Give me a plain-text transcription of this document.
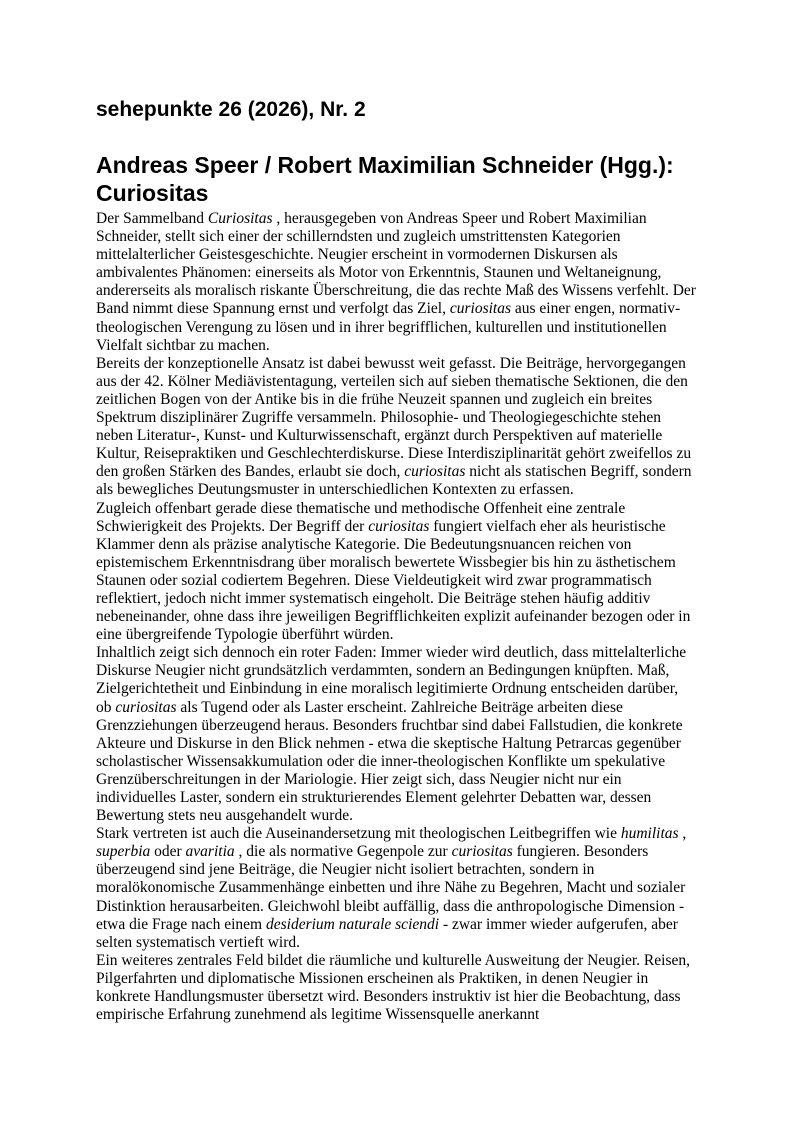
sehepunkte 26 (2026), Nr. 2
Andreas Speer / Robert Maximilian Schneider (Hgg.):
Curiositas

Der Sammelband Curiositas , herausgegeben von Andreas Speer und Robert Maximilian Schneider, stellt sich einer der schillerndsten und zugleich umstrittensten Kategorien mittelalterlicher Geistesgeschichte. Neugier erscheint in vormodernen Diskursen als ambivalentes Phänomen: einerseits als Motor von Erkenntnis, Staunen und Weltaneignung, andererseits als moralisch riskante Überschreitung, die das rechte Maß des Wissens verfehlt. Der Band nimmt diese Spannung ernst und verfolgt das Ziel, curiositas aus einer engen, normativ-theologischen Verengung zu lösen und in ihrer begrifflichen, kulturellen und institutionellen Vielfalt sichtbar zu machen.

Bereits der konzeptionelle Ansatz ist dabei bewusst weit gefasst. Die Beiträge, hervorgegangen aus der 42. Kölner Mediävistentagung, verteilen sich auf sieben thematische Sektionen, die den zeitlichen Bogen von der Antike bis in die frühe Neuzeit spannen und zugleich ein breites Spektrum disziplinärer Zugriffe versammeln. Philosophie- und Theologiegeschichte stehen neben Literatur-, Kunst- und Kulturwissenschaft, ergänzt durch Perspektiven auf materielle Kultur, Reisepraktiken und Geschlechterdiskurse. Diese Interdisziplinarität gehört zweifellos zu den großen Stärken des Bandes, erlaubt sie doch, curiositas nicht als statischen Begriff, sondern als bewegliches Deutungsmuster in unterschiedlichen Kontexten zu erfassen.

Zugleich offenbart gerade diese thematische und methodische Offenheit eine zentrale Schwierigkeit des Projekts. Der Begriff der curiositas fungiert vielfach eher als heuristische Klammer denn als präzise analytische Kategorie. Die Bedeutungsnuancen reichen von epistemischem Erkenntnisdrang über moralisch bewertete Wissbegier bis hin zu ästhetischem Staunen oder sozial codiertem Begehren. Diese Vieldeutigkeit wird zwar programmatisch reflektiert, jedoch nicht immer systematisch eingeholt. Die Beiträge stehen häufig additiv nebeneinander, ohne dass ihre jeweiligen Begrifflichkeiten explizit aufeinander bezogen oder in eine übergreifende Typologie überführt würden.

Inhaltlich zeigt sich dennoch ein roter Faden: Immer wieder wird deutlich, dass mittelalterliche Diskurse Neugier nicht grundsätzlich verdammten, sondern an Bedingungen knüpften. Maß, Zielgerichtetheit und Einbindung in eine moralisch legitimierte Ordnung entscheiden darüber, ob curiositas als Tugend oder als Laster erscheint. Zahlreiche Beiträge arbeiten diese Grenzziehungen überzeugend heraus. Besonders fruchtbar sind dabei Fallstudien, die konkrete Akteure und Diskurse in den Blick nehmen - etwa die skeptische Haltung Petrarcas gegenüber scholastischer Wissensakkumulation oder die inner-theologischen Konflikte um spekulative Grenzüberschreitungen in der Mariologie. Hier zeigt sich, dass Neugier nicht nur ein individuelles Laster, sondern ein strukturierendes Element gelehrter Debatten war, dessen Bewertung stets neu ausgehandelt wurde.

Stark vertreten ist auch die Auseinandersetzung mit theologischen Leitbegriffen wie humilitas , superbia oder avaritia , die als normative Gegenpole zur curiositas fungieren. Besonders überzeugend sind jene Beiträge, die Neugier nicht isoliert betrachten, sondern in moralökonomische Zusammenhänge einbetten und ihre Nähe zu Begehren, Macht und sozialer Distinktion herausarbeiten. Gleichwohl bleibt auffällig, dass die anthropologische Dimension - etwa die Frage nach einem desiderium naturale sciendi - zwar immer wieder aufgerufen, aber selten systematisch vertieft wird.

Ein weiteres zentrales Feld bildet die räumliche und kulturelle Ausweitung der Neugier. Reisen, Pilgerfahrten und diplomatische Missionen erscheinen als Praktiken, in denen Neugier in konkrete Handlungsmuster übersetzt wird. Besonders instruktiv ist hier die Beobachtung, dass empirische Erfahrung zunehmend als legitime Wissensquelle anerkannt
